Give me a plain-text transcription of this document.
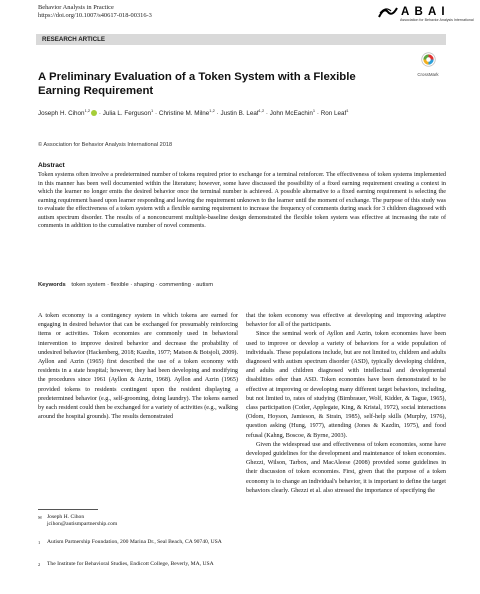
Behavior Analysis in Practice
https://doi.org/10.1007/s40617-018-00316-3	A B A I
Association for Behavior Analysis International
RESEARCH ARTICLE
CrossMark
A Preliminary Evaluation of a Token System with a Flexible Earning Requirement
Joseph H. Cihon$^{1,2}$ · Julia L. Ferguson$^1$ · Christine M. Milne$^{1,2}$ · Justin B. Leaf$^{1,2}$ · John McEachin$^1$ · Ron Leaf$^1$
© Association for Behavior Analysis International 2018
Abstract
Token systems often involve a predetermined number of tokens required prior to exchange for a terminal reinforcer. The effectiveness of token systems implemented in this manner has been well documented within the literature; however, some have discussed the possibility of a fixed earning requirement creating a context in which the learner no longer emits the desired behavior once the terminal number is achieved. A possible alternative to a fixed earning requirement is selecting the earning requirement based upon learner responding and leaving the requirement unknown to the learner until the moment of exchange. The purpose of this study was to evaluate the effectiveness of a token system with a flexible earning requirement to increase the frequency of comments during snack for 3 children diagnosed with autism spectrum disorder. The results of a nonconcurrent multiple-baseline design demonstrated the flexible token system was effective at increasing the rate of comments in addition to the cumulative number of novel comments.
Keywords token system · flexible · shaping · commenting · autism

A token economy is a contingency system in which tokens are earned for engaging in desired behavior that can be exchanged for presumably reinforcing items or activities. Token economies are commonly used in behavioral intervention to improve desired behavior and decrease the probability of undesired behavior (Hackenberg, 2018; Kazdin, 1977; Matson & Boisjoli, 2009). Ayllon and Azrin (1965) first described the use of a token economy with residents in a state hospital; however, they had been developing and modifying the procedures since 1961 (Ayllon & Azrin, 1968). Ayllon and Azrin (1965) provided tokens to residents contingent upon the resident displaying a predetermined behavior (e.g., self-grooming, doing laundry). The tokens earned by each resident could then be exchanged for a variety of activities (e.g., walking around the hospital grounds). The results demonstrated

that the token economy was effective at developing and improving adaptive behavior for all of the participants.

Since the seminal work of Ayllon and Azrin, token economies have been used to improve or develop a variety of behaviors for a wide population of individuals. These populations include, but are not limited to, children and adults diagnosed with autism spectrum disorder (ASD), typically developing children, and adults and children diagnosed with intellectual and developmental disabilities other than ASD. Token economies have been demonstrated to be effective at improving or developing many different target behaviors, including, but not limited to, rates of studying (Birnbrauer, Wolf, Kidder, & Tague, 1965), class participation (Cotler, Applegate, King, & Kristal, 1972), social interactions (Odom, Hoyson, Jamieson, & Strain, 1985), self-help skills (Murphy, 1976), question asking (Hung, 1977), attending (Jones & Kazdin, 1975), and food refusal (Kahng, Boscoe, & Byrne, 2003).

Given the widespread use and effectiveness of token economies, some have developed guidelines for the development and maintenance of token economies. Ghezzi, Wilson, Tarbox, and MacAleese (2008) provided some guidelines in their discussion of token economies. First, given that the purpose of a token economy is to change an individual's behavior, it is important to define the target behaviors clearly. Ghezzi et al. also stressed the importance of specifying the

✉ Joseph H. Cihon
jcihon@autismpartnership.com
1 Autism Partnership Foundation, 200 Marina Dr., Seal Beach, CA 90740, USA
2 The Institute for Behavioral Studies, Endicott College, Beverly, MA, USA
